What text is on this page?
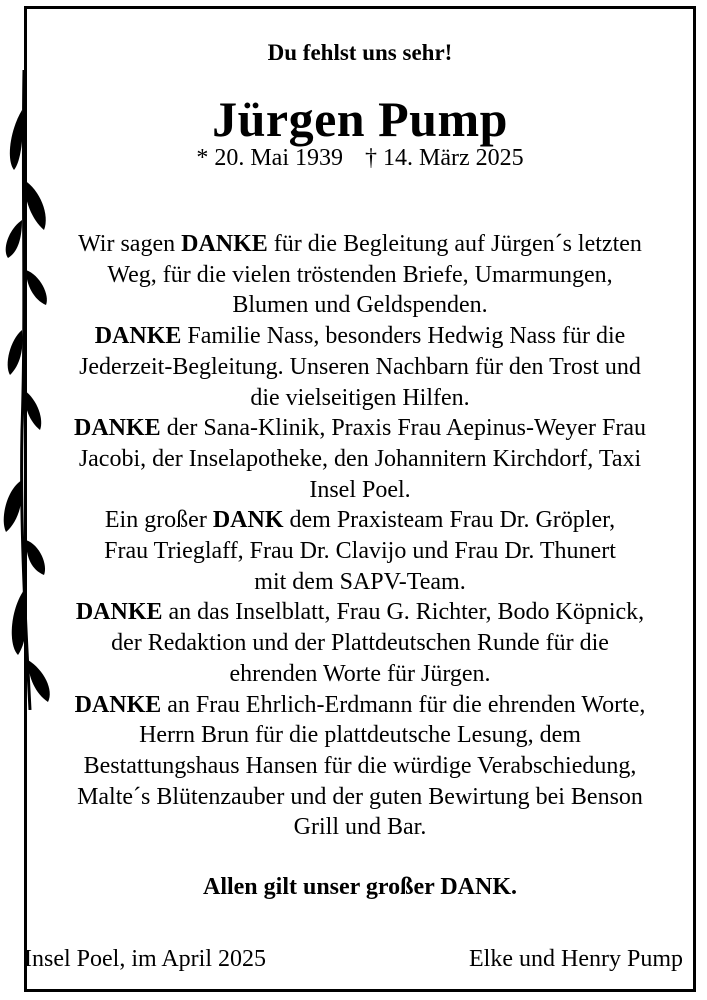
Du fehlst uns sehr!
Jürgen Pump
* 20. Mai 1939 † 14. März 2025

Wir sagen DANKE für die Begleitung auf Jürgen´s letzten
Weg, für die vielen tröstenden Briefe, Umarmungen,
Blumen und Geldspenden.

DANKE Familie Nass, besonders Hedwig Nass für die
Jederzeit-Begleitung. Unseren Nachbarn für den Trost und
die vielseitigen Hilfen.

DANKE der Sana-Klinik, Praxis Frau Aepinus-Weyer Frau
Jacobi, der Inselapotheke, den Johannitern Kirchdorf, Taxi
Insel Poel.

Ein großer DANK dem Praxisteam Frau Dr. Gröpler,
Frau Trieglaff, Frau Dr. Clavijo und Frau Dr. Thunert
mit dem SAPV-Team.

DANKE an das Inselblatt, Frau G. Richter, Bodo Köpnick,
der Redaktion und der Plattdeutschen Runde für die
ehrenden Worte für Jürgen.

DANKE an Frau Ehrlich-Erdmann für die ehrenden Worte,
Herrn Brun für die plattdeutsche Lesung, dem
Bestattungshaus Hansen für die würdige Verabschiedung,
Malte´s Blütenzauber und der guten Bewirtung bei Benson
Grill und Bar.

Allen gilt unser großer DANK.
Insel Poel, im April 2025	Elke und Henry Pump
